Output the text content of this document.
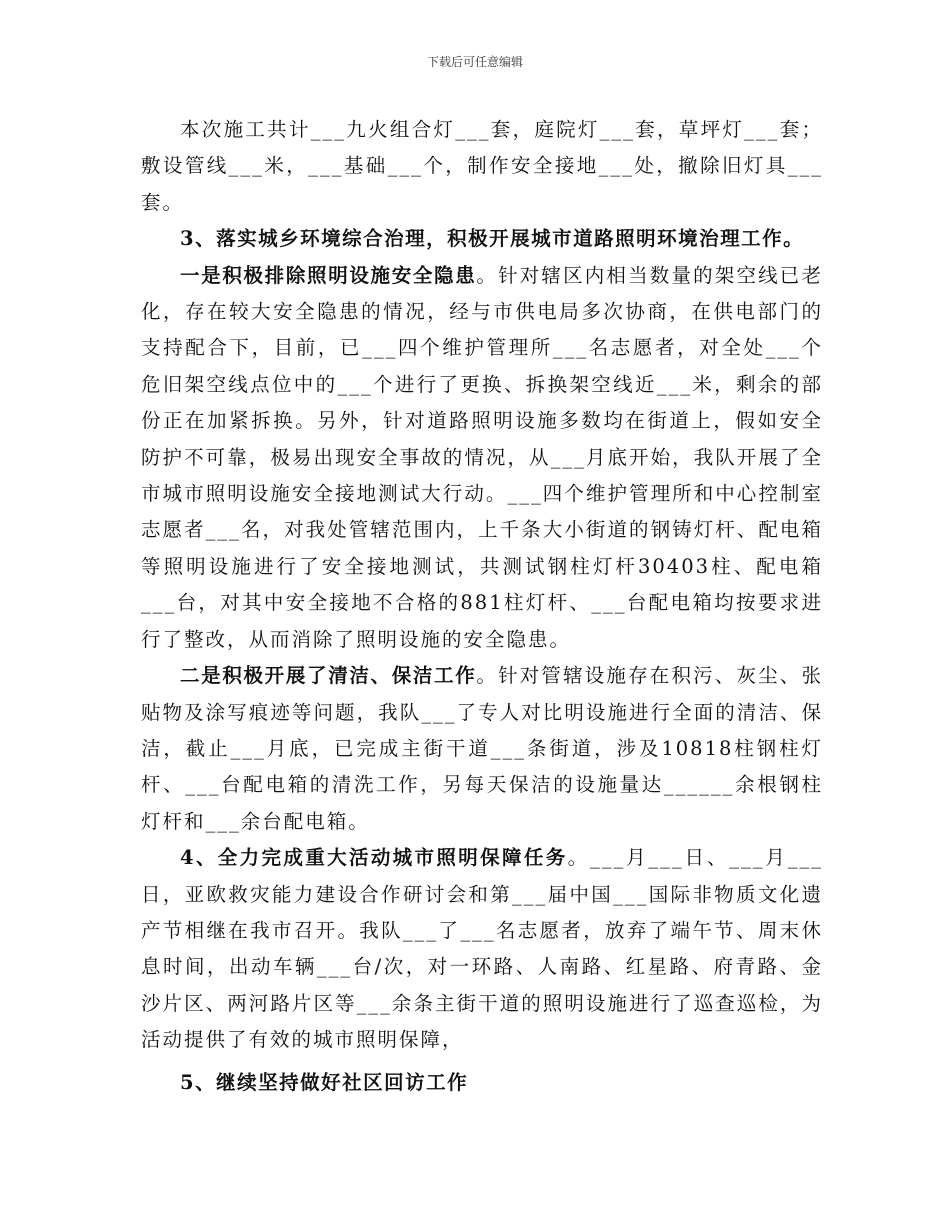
下载后可任意编辑

本次施工共计___九火组合灯___套，庭院灯___套，草坪灯___套；敷设管线___米，___基础___个，制作安全接地___处，撤除旧灯具___套。

3、落实城乡环境综合治理，积极开展城市道路照明环境治理工作。

一是积极排除照明设施安全隐患。针对辖区内相当数量的架空线已老化，存在较大安全隐患的情况，经与市供电局多次协商，在供电部门的支持配合下，目前，已___四个维护管理所___名志愿者，对全处___个危旧架空线点位中的___个进行了更换、拆换架空线近___米，剩余的部份正在加紧拆换。另外，针对道路照明设施多数均在街道上，假如安全防护不可靠，极易出现安全事故的情况，从___月底开始，我队开展了全市城市照明设施安全接地测试大行动。___四个维护管理所和中心控制室志愿者___名，对我处管辖范围内，上千条大小街道的钢铸灯杆、配电箱等照明设施进行了安全接地测试，共测试钢柱灯杆30403柱、配电箱___台，对其中安全接地不合格的881柱灯杆、___台配电箱均按要求进行了整改，从而消除了照明设施的安全隐患。

二是积极开展了清洁、保洁工作。针对管辖设施存在积污、灰尘、张贴物及涂写痕迹等问题，我队___了专人对比明设施进行全面的清洁、保洁，截止___月底，已完成主街干道___条街道，涉及10818柱钢柱灯杆、___台配电箱的清洗工作，另每天保洁的设施量达______余根钢柱灯杆和___余台配电箱。

4、全力完成重大活动城市照明保障任务。___月___日、___月___日，亚欧救灾能力建设合作研讨会和第___届中国___国际非物质文化遗产节相继在我市召开。我队___了___名志愿者，放弃了端午节、周末休息时间，出动车辆___台/次，对一环路、人南路、红星路、府青路、金沙片区、两河路片区等___余条主街干道的照明设施进行了巡查巡检，为活动提供了有效的城市照明保障，

5、继续坚持做好社区回访工作
